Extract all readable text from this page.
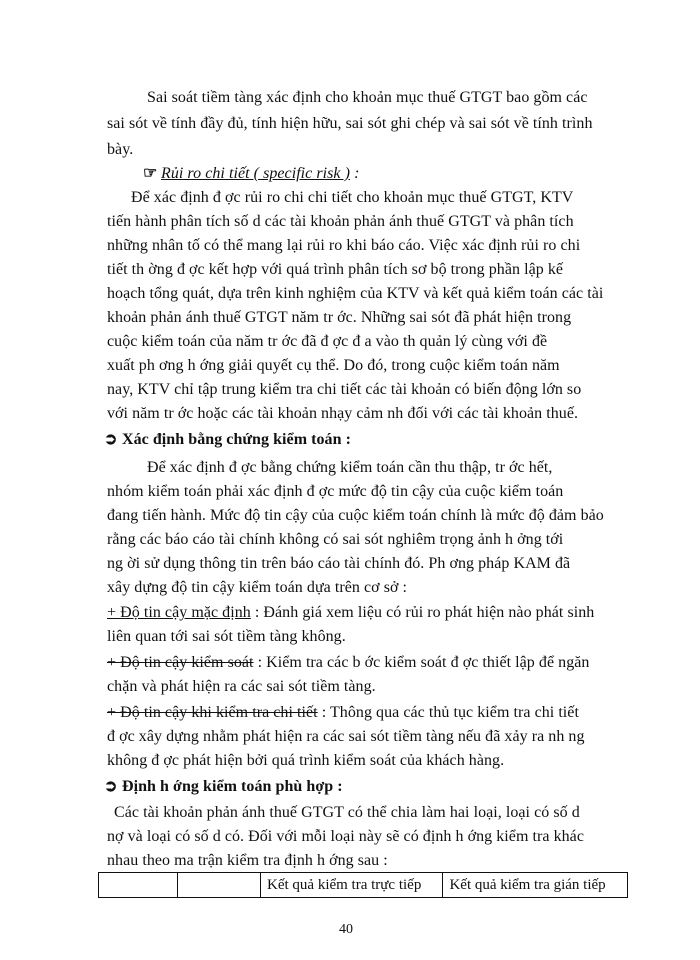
Sai soát tiềm tàng xác định cho khoản mục thuế GTGT bao gồm các
sai sót về tính đầy đủ, tính hiện hữu, sai sót ghi chép và sai sót về tính trình
bày.
☞ Rủi ro chi tiết ( specific risk ) :
Để xác định đ ợc rủi ro chi chi tiết cho khoản mục thuế GTGT, KTV
tiến hành phân tích số d các tài khoản phản ánh thuế GTGT và phân tích
những nhân tố có thể mang lại rủi ro khi báo cáo. Việc xác định rủi ro chi
tiết th ờng đ ợc kết hợp với quá trình phân tích sơ bộ trong phần lập kế
hoạch tổng quát, dựa trên kinh nghiệm của KTV và kết quả kiểm toán các tài
khoản phản ánh thuế GTGT năm tr ớc. Những sai sót đã phát hiện trong
cuộc kiểm toán của năm tr ớc đã đ ợc đ a vào th quản lý cùng với đề
xuất ph ơng h ớng giải quyết cụ thể. Do đó, trong cuộc kiểm toán năm
nay, KTV chỉ tập trung kiểm tra chi tiết các tài khoản có biến động lớn so
với năm tr ớc hoặc các tài khoản nhạy cảm nh đối với các tài khoản thuế.
➲ Xác định bằng chứng kiểm toán :
Để xác định đ ợc bằng chứng kiểm toán cần thu thập, tr ớc hết,
nhóm kiểm toán phải xác định đ ợc mức độ tin cậy của cuộc kiểm toán
đang tiến hành. Mức độ tin cậy của cuộc kiểm toán chính là mức độ đảm bảo
rằng các báo cáo tài chính không có sai sót nghiêm trọng ảnh h ởng tới
ng ời sử dụng thông tin trên báo cáo tài chính đó. Ph ơng pháp KAM đã
xây dựng độ tin cậy kiểm toán dựa trên cơ sở :
+ Độ tin cậy mặc định : Đánh giá xem liệu có rủi ro phát hiện nào phát sinh
liên quan tới sai sót tiềm tàng không.
+ Độ tin cậy kiểm soát : Kiểm tra các b ớc kiểm soát đ ợc thiết lập để ngăn
chặn và phát hiện ra các sai sót tiềm tàng.
+ Độ tin cậy khi kiểm tra chi tiết : Thông qua các thủ tục kiểm tra chi tiết
đ ợc xây dựng nhằm phát hiện ra các sai sót tiềm tàng nếu đã xảy ra nh ng
không đ ợc phát hiện bởi quá trình kiểm soát của khách hàng.
➲ Định h ớng kiểm toán phù hợp :
Các tài khoản phản ánh thuế GTGT có thể chia làm hai loại, loại có số d
nợ và loại có số d có. Đối với mỗi loại này sẽ có định h ớng kiểm tra khác
		Kết quả kiểm tra trực tiếp	Kết quả kiểm tra gián tiếp
40
nhau theo ma trận kiểm tra định h ớng sau :
